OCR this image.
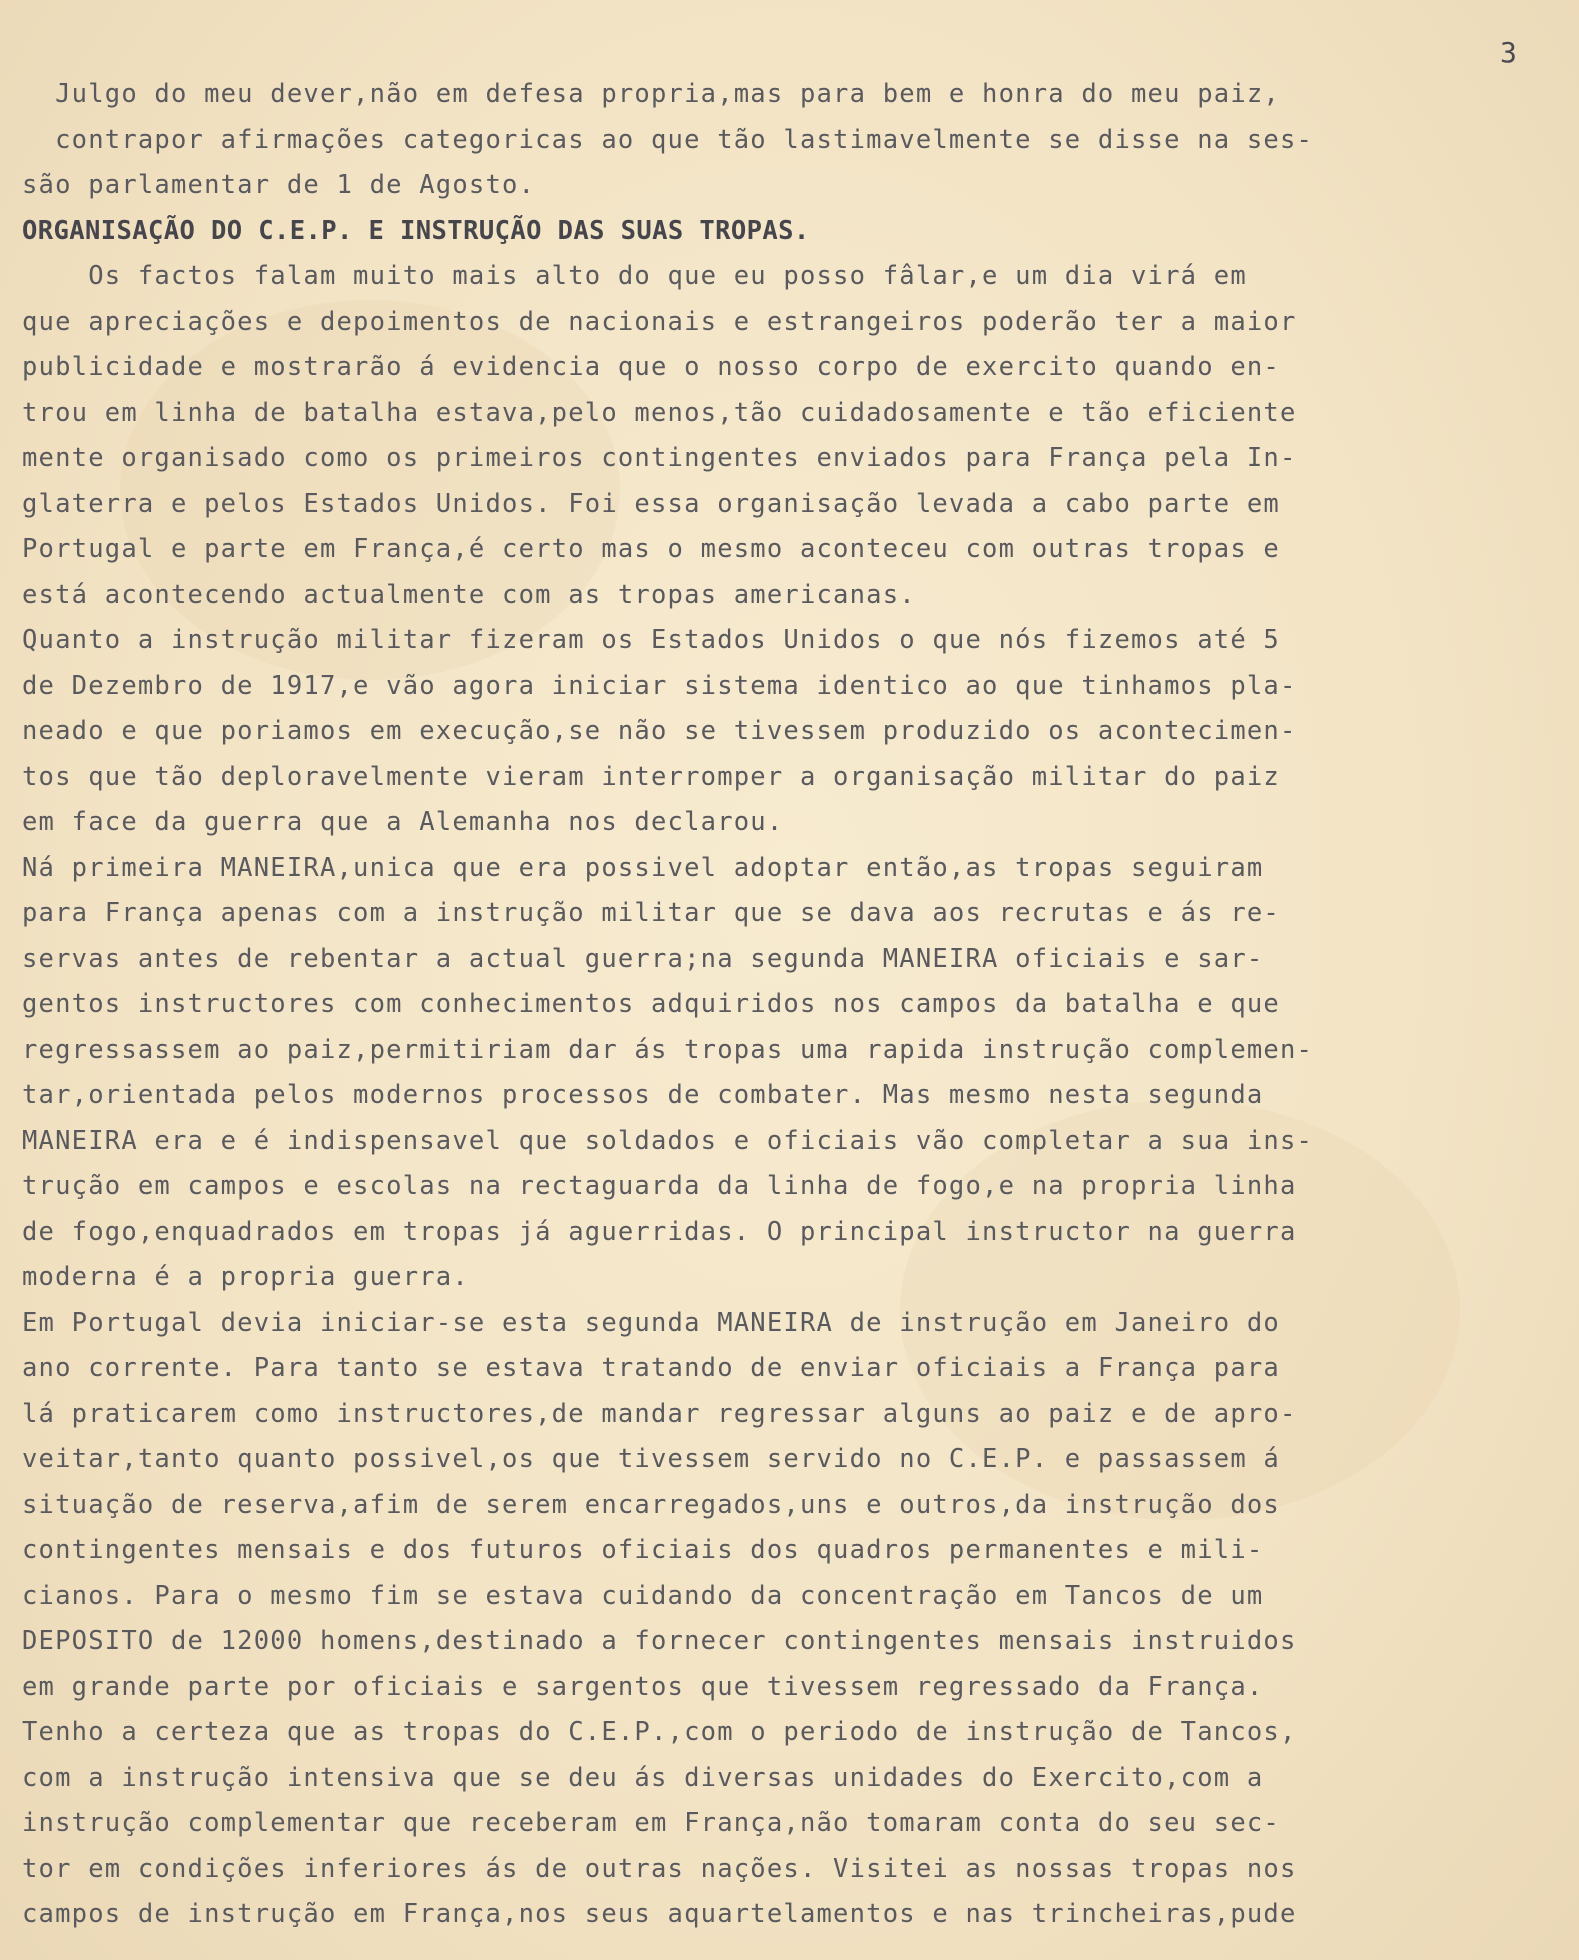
3
Julgo do meu dever,não em defesa propria,mas para bem e honra do meu paiz,
contrapor afirmações categoricas ao que tão lastimavelmente se disse na ses-
são parlamentar de 1 de Agosto.
ORGANISAÇÃO DO C.E.P. E INSTRUÇÃO DAS SUAS TROPAS.
Os factos falam muito mais alto do que eu posso fâlar,e um dia virá em
que apreciações e depoimentos de nacionais e estrangeiros poderão ter a maior
publicidade e mostrarão á evidencia que o nosso corpo de exercito quando en-
trou em linha de batalha estava,pelo menos,tão cuidadosamente e tão eficiente
mente organisado como os primeiros contingentes enviados para França pela In-
glaterra e pelos Estados Unidos. Foi essa organisação levada a cabo parte em
Portugal e parte em França,é certo mas o mesmo aconteceu com outras tropas e
está acontecendo actualmente com as tropas americanas.
Quanto a instrução militar fizeram os Estados Unidos o que nós fizemos até 5
de Dezembro de 1917,e vão agora iniciar sistema identico ao que tinhamos pla-
neado e que poriamos em execução,se não se tivessem produzido os acontecimen-
tos que tão deploravelmente vieram interromper a organisação militar do paiz
em face da guerra que a Alemanha nos declarou.
Ná primeira MANEIRA,unica que era possivel adoptar então,as tropas seguiram
para França apenas com a instrução militar que se dava aos recrutas e ás re-
servas antes de rebentar a actual guerra;na segunda MANEIRA oficiais e sar-
gentos instructores com conhecimentos adquiridos nos campos da batalha e que
regressassem ao paiz,permitiriam dar ás tropas uma rapida instrução complemen-
tar,orientada pelos modernos processos de combater. Mas mesmo nesta segunda
MANEIRA era e é indispensavel que soldados e oficiais vão completar a sua ins-
trução em campos e escolas na rectaguarda da linha de fogo,e na propria linha
de fogo,enquadrados em tropas já aguerridas. O principal instructor na guerra
moderna é a propria guerra.
Em Portugal devia iniciar-se esta segunda MANEIRA de instrução em Janeiro do
ano corrente. Para tanto se estava tratando de enviar oficiais a França para
lá praticarem como instructores,de mandar regressar alguns ao paiz e de apro-
veitar,tanto quanto possivel,os que tivessem servido no C.E.P. e passassem á
situação de reserva,afim de serem encarregados,uns e outros,da instrução dos
contingentes mensais e dos futuros oficiais dos quadros permanentes e mili-
cianos. Para o mesmo fim se estava cuidando da concentração em Tancos de um
DEPOSITO de 12000 homens,destinado a fornecer contingentes mensais instruidos
em grande parte por oficiais e sargentos que tivessem regressado da França.
Tenho a certeza que as tropas do C.E.P.,com o periodo de instrução de Tancos,
com a instrução intensiva que se deu ás diversas unidades do Exercito,com a
instrução complementar que receberam em França,não tomaram conta do seu sec-
tor em condições inferiores ás de outras nações. Visitei as nossas tropas nos
campos de instrução em França,nos seus aquartelamentos e nas trincheiras,pude
